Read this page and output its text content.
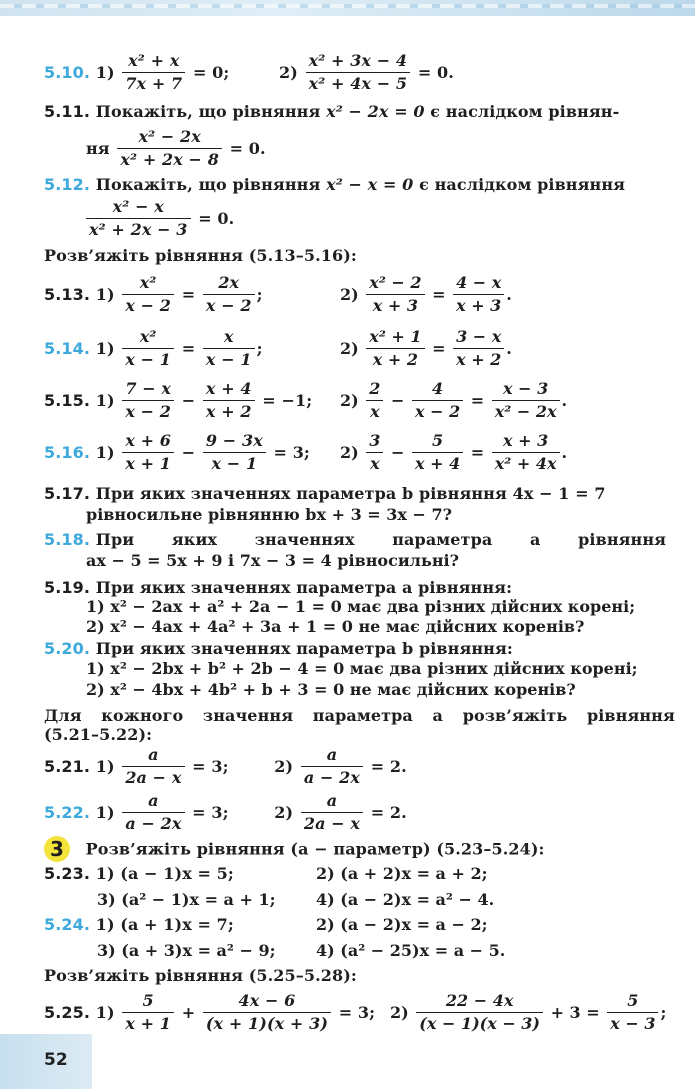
5.10. $1) \frac{\text{x² + x}}{7x + 7} = 0$;	$2) \frac{\text{x² + 3x − 4}}{\text{x² + 4x − 5}} = 0$.
5.11. Покажіть, що рівняння x² − 2x = 0 є наслідком рівнян-
ня $\frac{\text{x² − 2x}}{\text{x² + 2x − 8}} = 0$.
5.12. Покажіть, що рівняння x² − x = 0 є наслідком рівняння
$\frac{\text{x² − x}}{\text{x² + 2x − 3}} = 0$.
Розв’яжіть рівняння (5.13–5.16):
5.13. $1) \frac{\text{x²}}{x - 2} = \frac{2x}{x - 2}$ ;	$2) \frac{\text{x² − 2}}{x + 3} = \frac{4 - x}{x + 3}$ .
5.14. $1) \frac{\text{x²}}{x - 1} = \frac{x}{x - 1}$ ;	$2) \frac{\text{x² + 1}}{x + 2} = \frac{3 - x}{x + 2}$ .
5.15. $1) \frac{7 - x}{x - 2} - \frac{x + 4}{x + 2} = -1$; $2) \frac{2}{x} - \frac{4}{x - 2} = \frac{x - 3}{\text{x² − 2x}}$ .
5.16. $1) \frac{x + 6}{x + 1} - \frac{9 - 3x}{x - 1} = 3$; $2) \frac{3}{x} - \frac{5}{x + 4} = \frac{x + 3}{\text{x² + 4x}}$ .
5.17. При яких значеннях параметра b рівняння 4x − 1 = 7
рівносильне рівнянню bx + 3 = 3x − 7?
5.18. При яких значеннях параметра a рівняння
ax − 5 = 5x + 9 і 7x − 3 = 4 рівносильні?
5.19. При яких значеннях параметра a рівняння:
1) x² − 2ax + a² + 2a − 1 = 0 має два різних дійсних корені;
2) x² − 4ax + 4a² + 3a + 1 = 0 не має дійсних коренів?
5.20. При яких значеннях параметра b рівняння:
1) x² − 2bx + b² + 2b − 4 = 0 має два різних дійсних корені;
2) x² − 4bx + 4b² + b + 3 = 0 не має дійсних коренів?
Для кожного значення параметра a розв’яжіть рівняння
(5.21–5.22):
5.21. $1) \frac{a}{2a - x} = 3$;	$2) \frac{a}{a - 2x} = 2$.
5.22. $1) \frac{a}{a - 2x} = 3$;	$2) \frac{a}{2a - x} = 2$.
3 Розв’яжіть рівняння (a − параметр) (5.23–5.24):
5.23. 1) (a − 1)x = 5;	2) (a + 2)x = a + 2;
3) (a² − 1)x = a + 1;	4) (a − 2)x = a² − 4.
5.24. 1) (a + 1)x = 7;	2) (a − 2)x = a − 2;
3) (a + 3)x = a² − 9;	4) (a² − 25)x = a − 5.
Розв’яжіть рівняння (5.25–5.28):
5.25. $1) \frac{5}{x + 1} + \frac{4x - 6}{(x + 1)(x + 3)} = 3$; $2) \frac{22 - 4x}{(x - 1)(x - 3)} + 3 = \frac{5}{x - 3}$ ;
52
